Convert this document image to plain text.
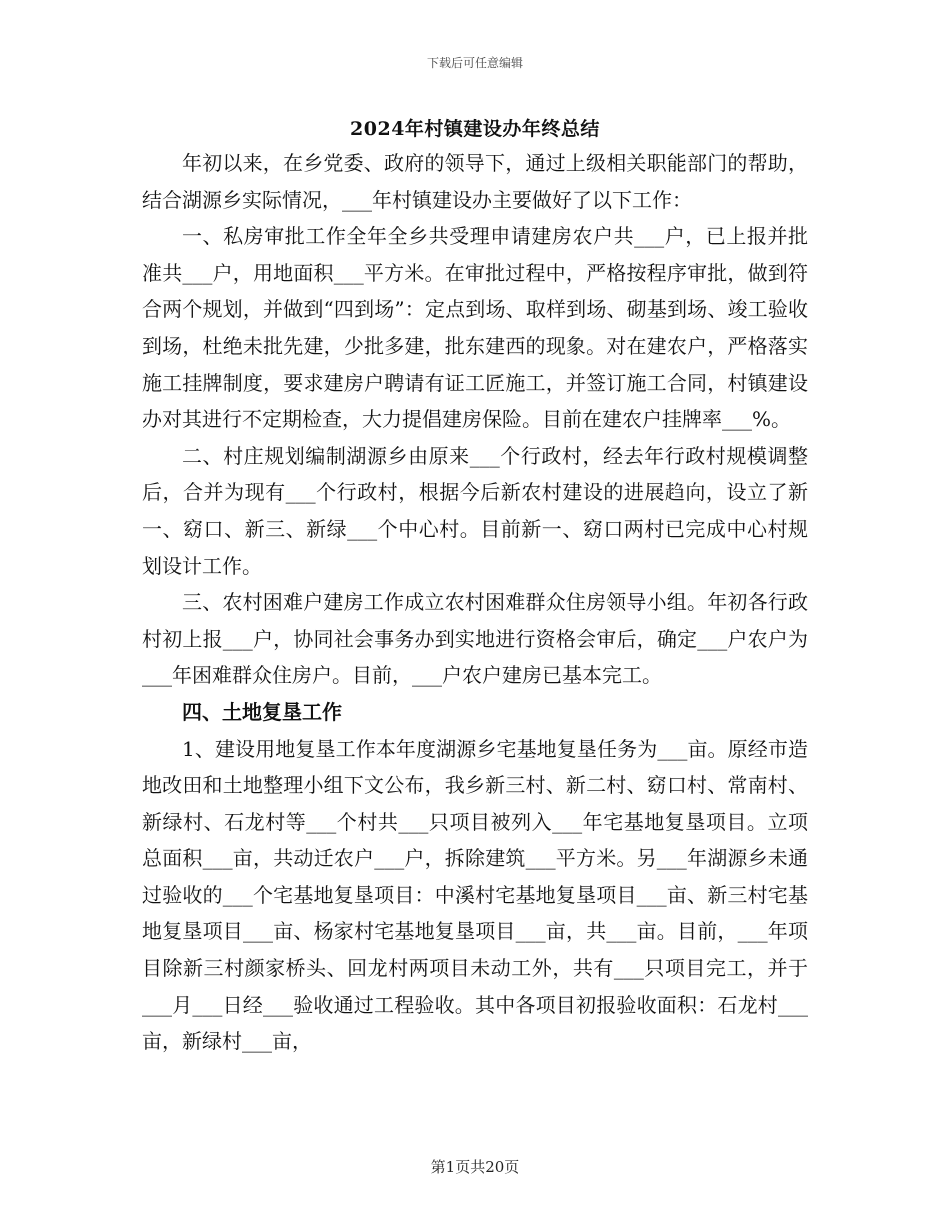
下载后可任意编辑
2024年村镇建设办年终总结

年初以来，在乡党委、政府的领导下，通过上级相关职能部门的帮助，结合湖源乡实际情况，___年村镇建设办主要做好了以下工作：

一、私房审批工作全年全乡共受理申请建房农户共___户，已上报并批准共___户，用地面积___平方米。在审批过程中，严格按程序审批，做到符合两个规划，并做到“四到场”：定点到场、取样到场、砌基到场、竣工验收到场，杜绝未批先建，少批多建，批东建西的现象。对在建农户，严格落实施工挂牌制度，要求建房户聘请有证工匠施工，并签订施工合同，村镇建设办对其进行不定期检查，大力提倡建房保险。目前在建农户挂牌率___%。

二、村庄规划编制湖源乡由原来___个行政村，经去年行政村规模调整后，合并为现有___个行政村，根据今后新农村建设的进展趋向，设立了新一、窈口、新三、新绿___个中心村。目前新一、窈口两村已完成中心村规划设计工作。

三、农村困难户建房工作成立农村困难群众住房领导小组。年初各行政村初上报___户，协同社会事务办到实地进行资格会审后，确定___户农户为___年困难群众住房户。目前，___户农户建房已基本完工。

四、土地复垦工作

1、建设用地复垦工作本年度湖源乡宅基地复垦任务为___亩。原经市造地改田和土地整理小组下文公布，我乡新三村、新二村、窈口村、常南村、新绿村、石龙村等___个村共___只项目被列入___年宅基地复垦项目。立项总面积___亩，共动迁农户___户，拆除建筑___平方米。另___年湖源乡未通过验收的___个宅基地复垦项目：中溪村宅基地复垦项目___亩、新三村宅基地复垦项目___亩、杨家村宅基地复垦项目___亩，共___亩。目前，___年项目除新三村颜家桥头、回龙村两项目未动工外，共有___只项目完工，并于___月___日经___验收通过工程验收。其中各项目初报验收面积：石龙村___亩，新绿村___亩，

第1页共20页
